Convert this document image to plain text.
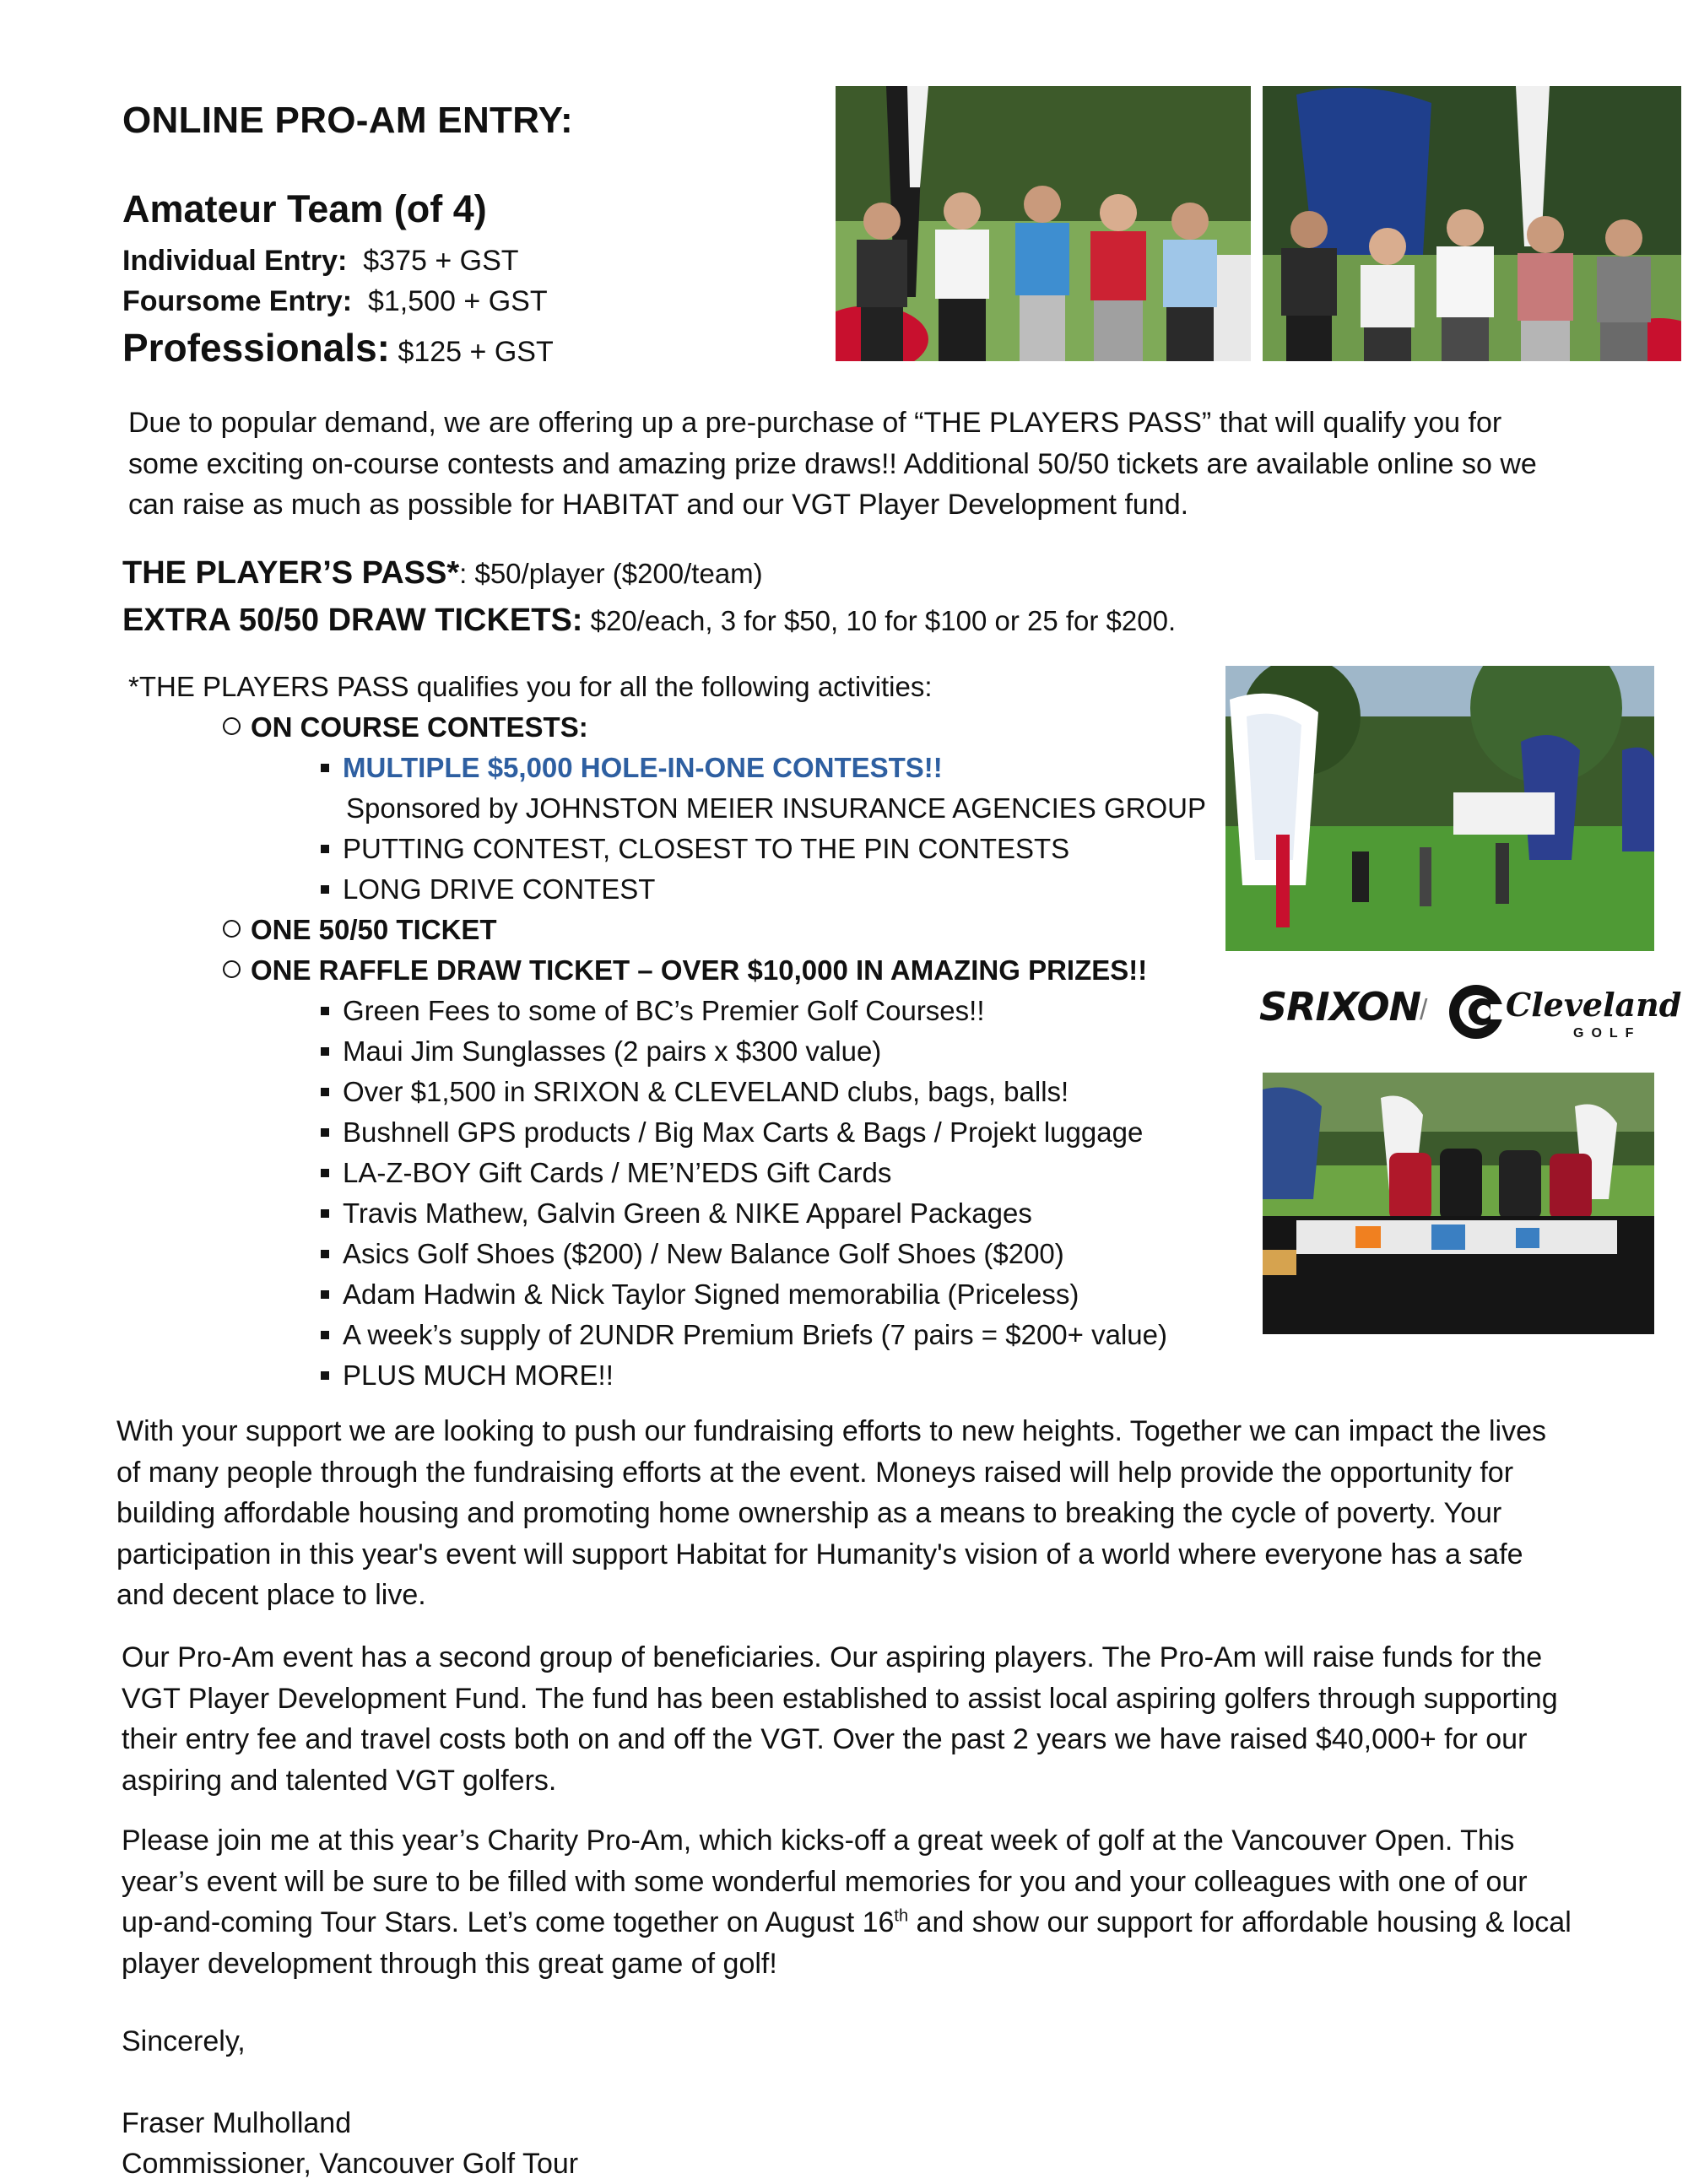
ONLINE PRO-AM ENTRY:
Amateur Team (of 4)
Individual Entry: $375 + GST
Foursome Entry: $1,500 + GST
Professionals: $125 + GST
Due to popular demand, we are offering up a pre-purchase of “THE PLAYERS PASS” that will qualify you for some exciting on-course contests and amazing prize draws!! Additional 50/50 tickets are available online so we can raise as much as possible for HABITAT and our VGT Player Development fund.
THE PLAYER’S PASS*: $50/player ($200/team)
EXTRA 50/50 DRAW TICKETS: $20/each, 3 for $50, 10 for $100 or 25 for $200.
*THE PLAYERS PASS qualifies you for all the following activities:
ON COURSE CONTESTS:
MULTIPLE $5,000 HOLE-IN-ONE CONTESTS!!
Sponsored by JOHNSTON MEIER INSURANCE AGENCIES GROUP
PUTTING CONTEST, CLOSEST TO THE PIN CONTESTS
LONG DRIVE CONTEST
ONE 50/50 TICKET
ONE RAFFLE DRAW TICKET – OVER $10,000 IN AMAZING PRIZES!!
Green Fees to some of BC’s Premier Golf Courses!!
Maui Jim Sunglasses (2 pairs x $300 value)
Over $1,500 in SRIXON & CLEVELAND clubs, bags, balls!
Bushnell GPS products / Big Max Carts & Bags / Projekt luggage
LA-Z-BOY Gift Cards / ME’N’EDS Gift Cards
Travis Mathew, Galvin Green & NIKE Apparel Packages
Asics Golf Shoes ($200) / New Balance Golf Shoes ($200)
Adam Hadwin & Nick Taylor Signed memorabilia (Priceless)
A week’s supply of 2UNDR Premium Briefs (7 pairs = $200+ value)
PLUS MUCH MORE!!
SRIXON
/ Cleveland
GOLF
With your support we are looking to push our fundraising efforts to new heights. Together we can impact the lives of many people through the fundraising efforts at the event. Moneys raised will help provide the opportunity for building affordable housing and promoting home ownership as a means to breaking the cycle of poverty. Your participation in this year's event will support Habitat for Humanity's vision of a world where everyone has a safe and decent place to live.
Our Pro-Am event has a second group of beneficiaries. Our aspiring players. The Pro-Am will raise funds for the VGT Player Development Fund. The fund has been established to assist local aspiring golfers through supporting their entry fee and travel costs both on and off the VGT. Over the past 2 years we have raised $40,000+ for our aspiring and talented VGT golfers.
Please join me at this year’s Charity Pro-Am, which kicks-off a great week of golf at the Vancouver Open. This year’s event will be sure to be filled with some wonderful memories for you and your colleagues with one of our up-and-coming Tour Stars. Let’s come together on August 16th and show our support for affordable housing & local player development through this great game of golf!
Sincerely,
Fraser Mulholland
Commissioner, Vancouver Golf Tour
